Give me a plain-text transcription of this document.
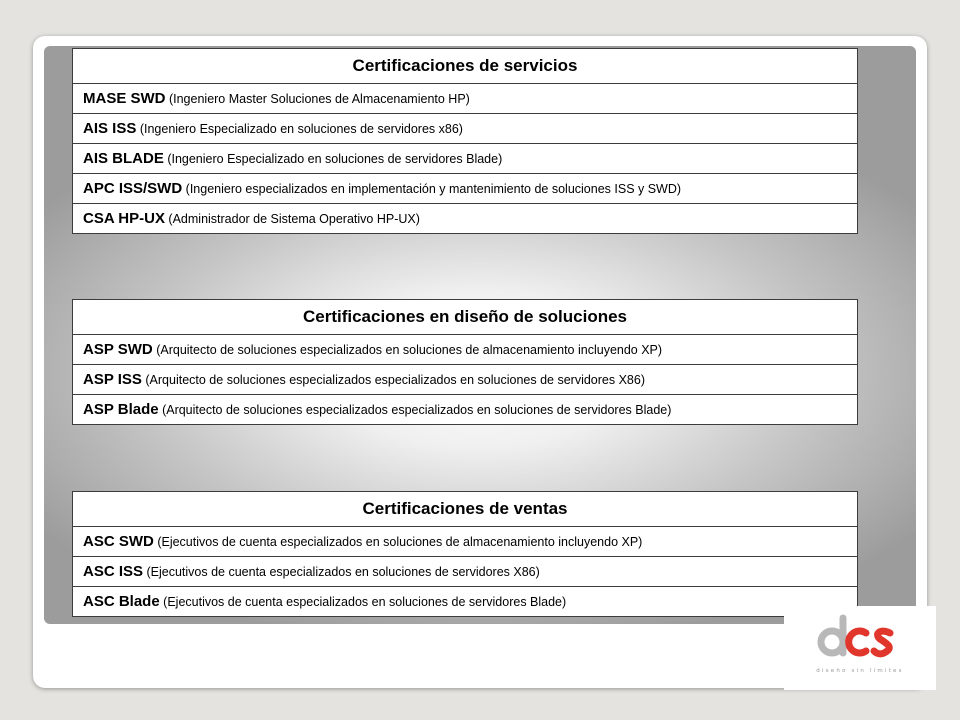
Certificaciones de servicios
MASE SWD (Ingeniero Master Soluciones de Almacenamiento HP)
AIS ISS (Ingeniero Especializado en soluciones de servidores x86)
AIS BLADE (Ingeniero Especializado en soluciones de servidores Blade)
APC ISS/SWD (Ingeniero especializados en implementación y mantenimiento de soluciones ISS y SWD)
CSA HP-UX (Administrador de Sistema Operativo HP-UX)
Certificaciones en diseño de soluciones
ASP SWD (Arquitecto de soluciones especializados en soluciones de almacenamiento incluyendo XP)
ASP ISS (Arquitecto de soluciones especializados especializados en soluciones de servidores X86)
ASP Blade (Arquitecto de soluciones especializados especializados en soluciones de servidores Blade)
Certificaciones de ventas
ASC SWD (Ejecutivos de cuenta especializados en soluciones de almacenamiento incluyendo XP)
ASC ISS (Ejecutivos de cuenta especializados en soluciones de servidores X86)
ASC Blade (Ejecutivos de cuenta especializados en soluciones de servidores Blade)
diseño sin límites
